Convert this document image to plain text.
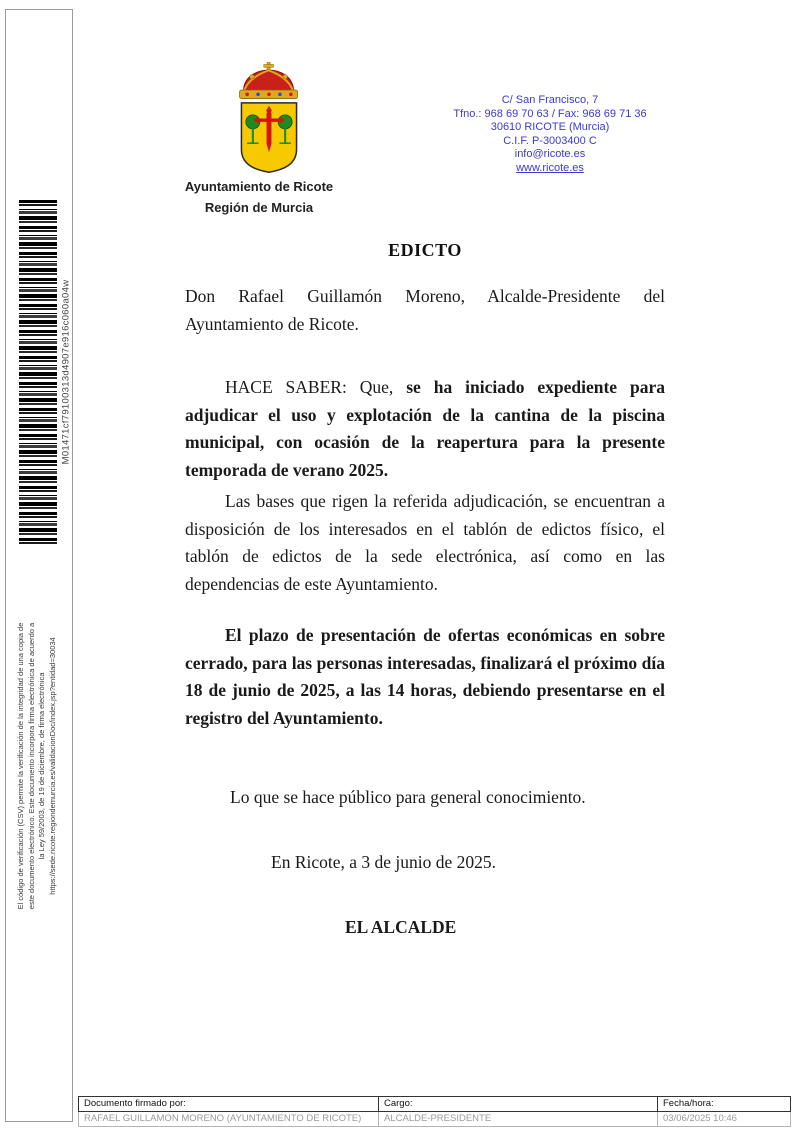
M01471cf79100313d4907e916c060a04w
El código de verificación (CSV) permite la verificación de la integridad de una copia de este documento electrónico. Este documento incorpora firma electrónica de acuerdo a la Ley 59/2003, de 19 de diciembre, de firma electrónica https://sede.ricote.regiondemurcia.es/validacionDoc/index.jsp?entidad=30034
Ayuntamiento de Ricote
Región de Murcia
C/ San Francisco, 7
Tfno.: 968 69 70 63 / Fax: 968 69 71 36
30610 RICOTE (Murcia)
C.I.F. P-3003400 C
info@ricote.es
www.ricote.es
EDICTO
Don Rafael Guillamón Moreno, Alcalde-Presidente del Ayuntamiento de Ricote.
HACE SABER: Que, se ha iniciado expediente para adjudicar el uso y explotación de la cantina de la piscina municipal, con ocasión de la reapertura para la presente temporada de verano 2025.
Las bases que rigen la referida adjudicación, se encuentran a disposición de los interesados en el tablón de edictos físico, el tablón de edictos de la sede electrónica, así como en las dependencias de este Ayuntamiento.
El plazo de presentación de ofertas económicas en sobre cerrado, para las personas interesadas, finalizará el próximo día 18 de junio de 2025, a las 14 horas, debiendo presentarse en el registro del Ayuntamiento.
Lo que se hace público para general conocimiento.
En Ricote, a 3 de junio de 2025.
EL ALCALDE
Documento firmado por:	Cargo:	Fecha/hora:
RAFAEL GUILLAMON MORENO (AYUNTAMIENTO DE RICOTE)	ALCALDE-PRESIDENTE	03/06/2025 10:46
